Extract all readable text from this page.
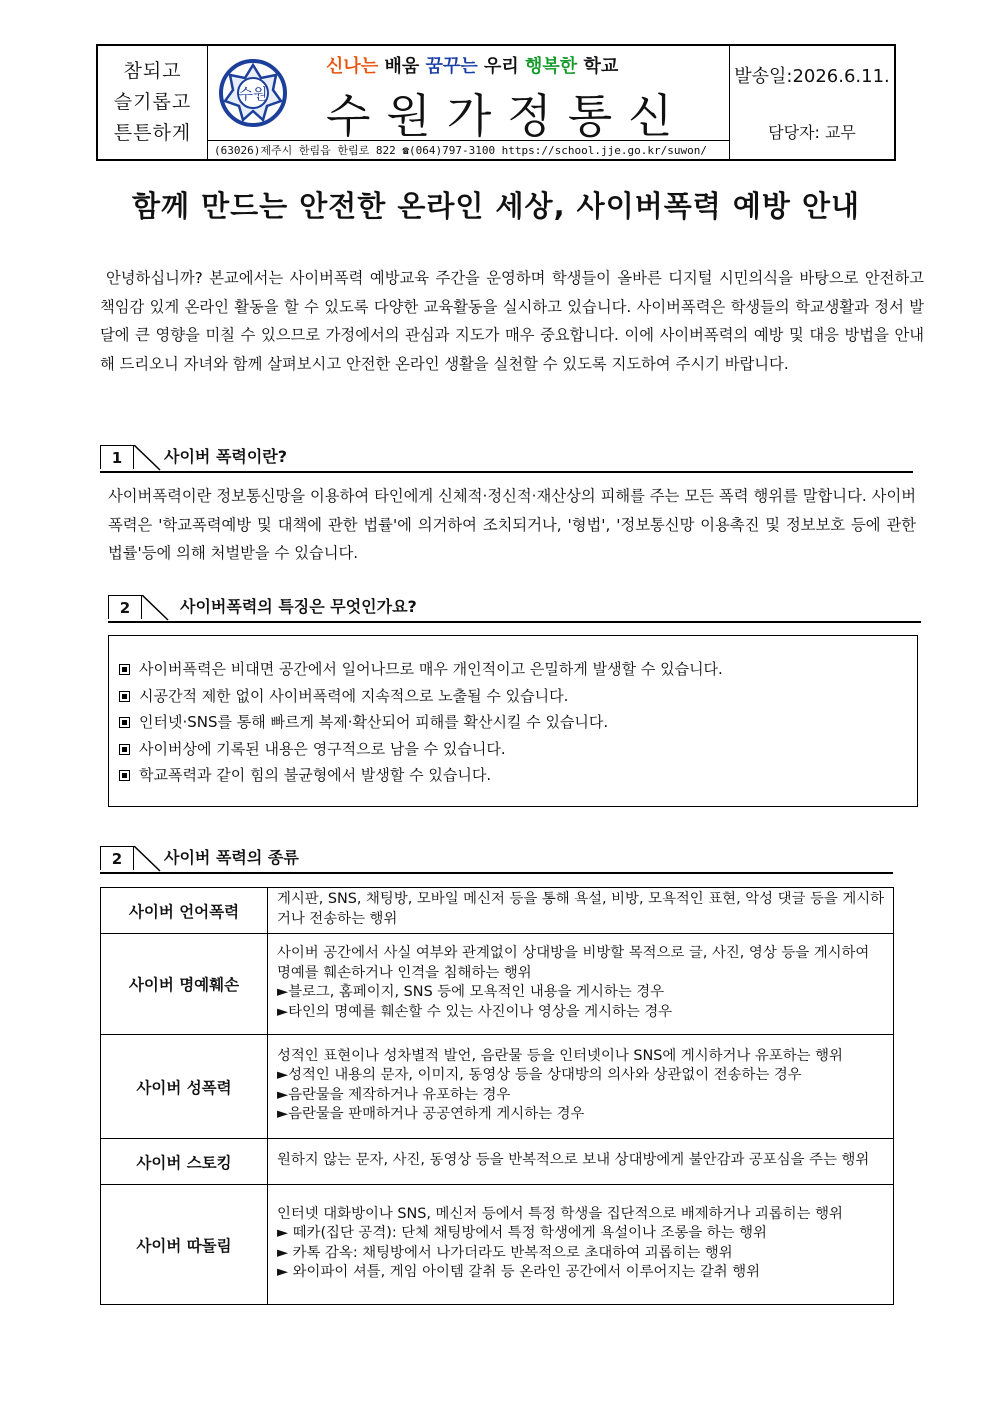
참되고
슬기롭고
튼튼하게
수원
신나는 배움 꿈꾸는 우리 행복한 학교
수원가정통신
(63026)제주시 한림읍 한림로 822 ☎(064)797-3100 https://school.jje.go.kr/suwon/
발송일:2026.6.11.
담당자: 교무
함께 만드는 안전한 온라인 세상, 사이버폭력 예방 안내
안녕하십니까? 본교에서는 사이버폭력 예방교육 주간을 운영하며 학생들이 올바른 디지털 시민의식을 바탕으로 안전하고 책임감 있게 온라인 활동을 할 수 있도록 다양한 교육활동을 실시하고 있습니다. 사이버폭력은 학생들의 학교생활과 정서 발달에 큰 영향을 미칠 수 있으므로 가정에서의 관심과 지도가 매우 중요합니다. 이에 사이버폭력의 예방 및 대응 방법을 안내해 드리오니 자녀와 함께 살펴보시고 안전한 온라인 생활을 실천할 수 있도록 지도하여 주시기 바랍니다.
1	사이버 폭력이란?
사이버폭력이란 정보통신망을 이용하여 타인에게 신체적·정신적·재산상의 피해를 주는 모든 폭력 행위를 말합니다. 사이버폭력은 '학교폭력예방 및 대책에 관한 법률'에 의거하여 조치되거나, '형법', '정보통신망 이용촉진 및 정보보호 등에 관한 법률'등에 의해 처벌받을 수 있습니다.
2	사이버폭력의 특징은 무엇인가요?
사이버폭력은 비대면 공간에서 일어나므로 매우 개인적이고 은밀하게 발생할 수 있습니다.
시공간적 제한 없이 사이버폭력에 지속적으로 노출될 수 있습니다.
인터넷·SNS를 통해 빠르게 복제·확산되어 피해를 확산시킬 수 있습니다.
사이버상에 기록된 내용은 영구적으로 남을 수 있습니다.
학교폭력과 같이 힘의 불균형에서 발생할 수 있습니다.
2	사이버 폭력의 종류
사이버 언어폭력	게시판, SNS, 채팅방, 모바일 메신저 등을 통해 욕설, 비방, 모욕적인 표현, 악성 댓글 등을 게시하거나 전송하는 행위

사이버 명예훼손	사이버 공간에서 사실 여부와 관계없이 상대방을 비방할 목적으로 글, 사진, 영상 등을 게시하여 명예를 훼손하거나 인격을 침해하는 행위
►블로그, 홈페이지, SNS 등에 모욕적인 내용을 게시하는 경우
►타인의 명예를 훼손할 수 있는 사진이나 영상을 게시하는 경우

사이버 성폭력	성적인 표현이나 성차별적 발언, 음란물 등을 인터넷이나 SNS에 게시하거나 유포하는 행위
►성적인 내용의 문자, 이미지, 동영상 등을 상대방의 의사와 상관없이 전송하는 경우
►음란물을 제작하거나 유포하는 경우
►음란물을 판매하거나 공공연하게 게시하는 경우

사이버 스토킹	원하지 않는 문자, 사진, 동영상 등을 반복적으로 보내 상대방에게 불안감과 공포심을 주는 행위

사이버 따돌림	인터넷 대화방이나 SNS, 메신저 등에서 특정 학생을 집단적으로 배제하거나 괴롭히는 행위
► 떼카(집단 공격): 단체 채팅방에서 특정 학생에게 욕설이나 조롱을 하는 행위
► 카톡 감옥: 채팅방에서 나가더라도 반복적으로 초대하여 괴롭히는 행위
► 와이파이 셔틀, 게임 아이템 갈취 등 온라인 공간에서 이루어지는 갈취 행위
